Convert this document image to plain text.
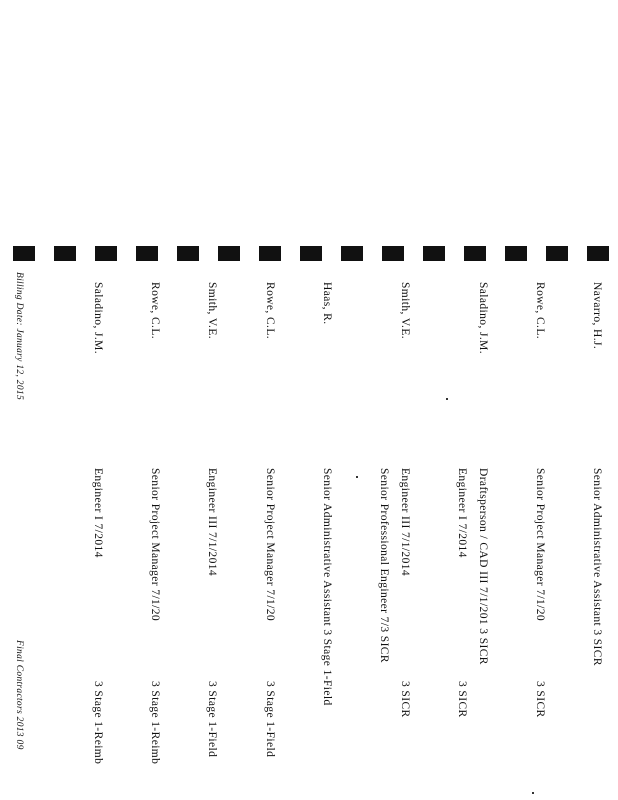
Navarro, H.J.
Senior Administrative Assistant 3 SICR
Rowe, C.L.
Senior Project Manager 7/1/20
3 SICR
Saladino, J.M.
Draftsperson / CAD III 7/1/201 3 SICR
Engineer I 7/2014
3 SICR
Smith, V.E.
Engineer III 7/1/2014
3 SICR
Senior Professional Engineer 7/3 SICR
Haas, R.
Senior Administrative Assistant 3 Stage 1-Field
Rowe, C.L.
Senior Project Manager 7/1/20
3 Stage 1-Field
Smith, V.E.
Engineer III 7/1/2014
3 Stage 1-Field
Rowe, C.L.
Senior Project Manager 7/1/20
3 Stage 1-Reimb
Saladino, J.M.
Engineer I 7/2014
3 Stage 1-Reimb
Billing Date: January 12, 2015
Final Contractors 2013 09
